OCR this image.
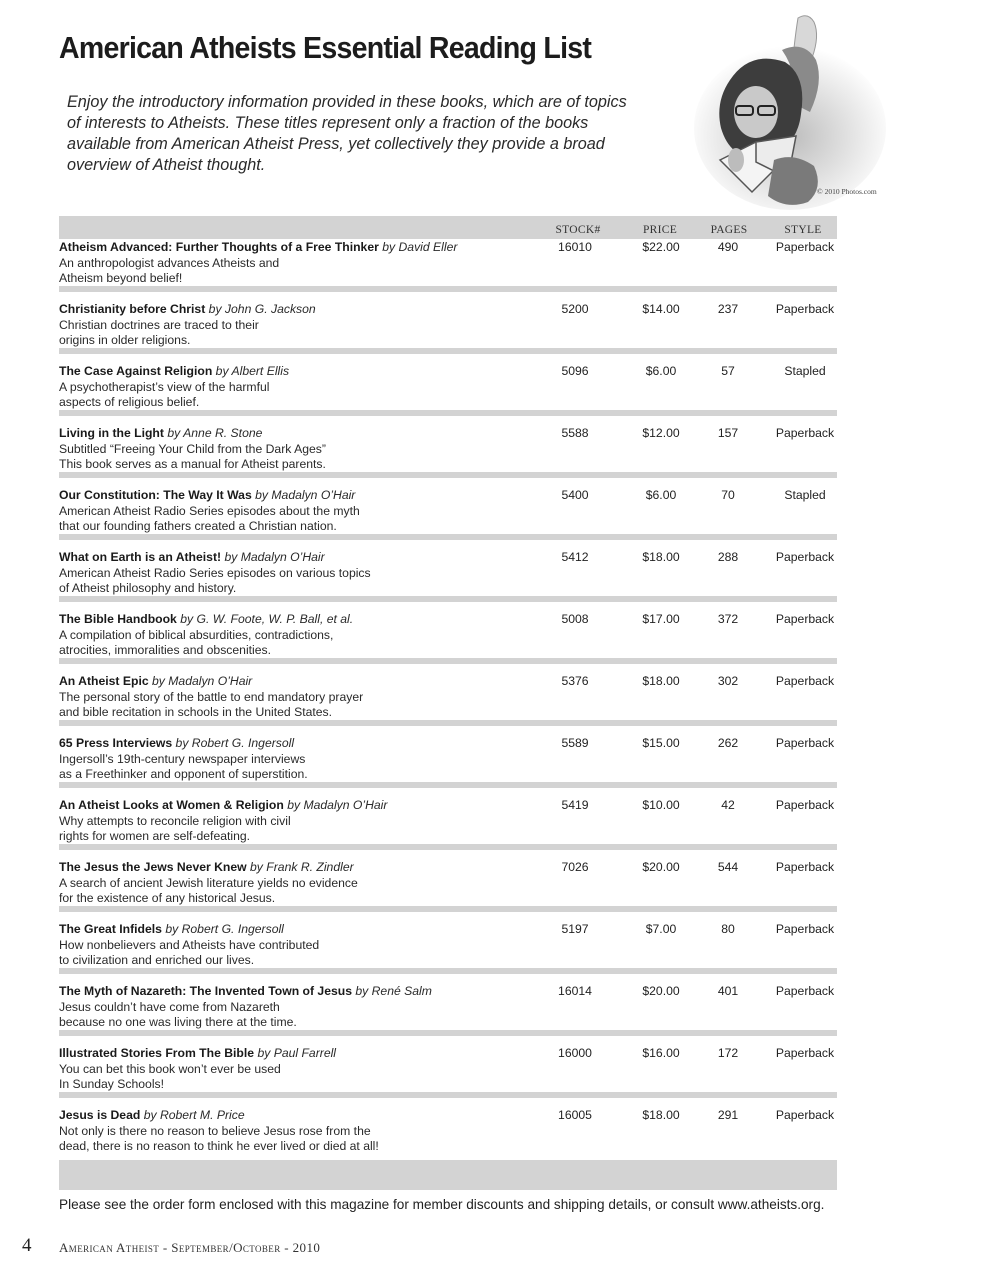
American Atheists Essential Reading List
Enjoy the introductory information provided in these books, which are of topics of interests to Atheists. These titles represent only a fraction of the books available from American Atheist Press, yet collectively they provide a broad overview of Atheist thought.
© 2010 Photos.com
STOCK#	PRICE	PAGES	STYLE
Atheism Advanced: Further Thoughts of a Free Thinker by David Eller
An anthropologist advances Atheists and
Atheism beyond belief!
16010	$22.00	490	Paperback
Christianity before Christ by John G. Jackson
Christian doctrines are traced to their
origins in older religions.
5200	$14.00	237	Paperback
The Case Against Religion by Albert Ellis
A psychotherapist’s view of the harmful
aspects of religious belief.
5096	$6.00	57	Stapled
Living in the Light by Anne R. Stone
Subtitled “Freeing Your Child from the Dark Ages”
This book serves as a manual for Atheist parents.
5588	$12.00	157	Paperback
Our Constitution: The Way It Was by Madalyn O’Hair
American Atheist Radio Series episodes about the myth
that our founding fathers created a Christian nation.
5400	$6.00	70	Stapled
What on Earth is an Atheist! by Madalyn O’Hair
American Atheist Radio Series episodes on various topics
of Atheist philosophy and history.
5412	$18.00	288	Paperback
The Bible Handbook by G. W. Foote, W. P. Ball, et al.
A compilation of biblical absurdities, contradictions,
atrocities, immoralities and obscenities.
5008	$17.00	372	Paperback
An Atheist Epic by Madalyn O’Hair
The personal story of the battle to end mandatory prayer
and bible recitation in schools in the United States.
5376	$18.00	302	Paperback
65 Press Interviews by Robert G. Ingersoll
Ingersoll’s 19th-century newspaper interviews
as a Freethinker and opponent of superstition.
5589	$15.00	262	Paperback
An Atheist Looks at Women & Religion by Madalyn O’Hair
Why attempts to reconcile religion with civil
rights for women are self-defeating.
5419	$10.00	42	Paperback
The Jesus the Jews Never Knew by Frank R. Zindler
A search of ancient Jewish literature yields no evidence
for the existence of any historical Jesus.
7026	$20.00	544	Paperback
The Great Infidels by Robert G. Ingersoll
How nonbelievers and Atheists have contributed
to civilization and enriched our lives.
5197	$7.00	80	Paperback
The Myth of Nazareth: The Invented Town of Jesus by René Salm
Jesus couldn’t have come from Nazareth
because no one was living there at the time.
16014	$20.00	401	Paperback
Illustrated Stories From The Bible by Paul Farrell
You can bet this book won’t ever be used
In Sunday Schools!
16000	$16.00	172	Paperback
Jesus is Dead by Robert M. Price
Not only is there no reason to believe Jesus rose from the
dead, there is no reason to think he ever lived or died at all!
16005	$18.00	291	Paperback
Please see the order form enclosed with this magazine for member discounts and shipping details, or consult www.atheists.org.
4 American Atheist - September/October - 2010
